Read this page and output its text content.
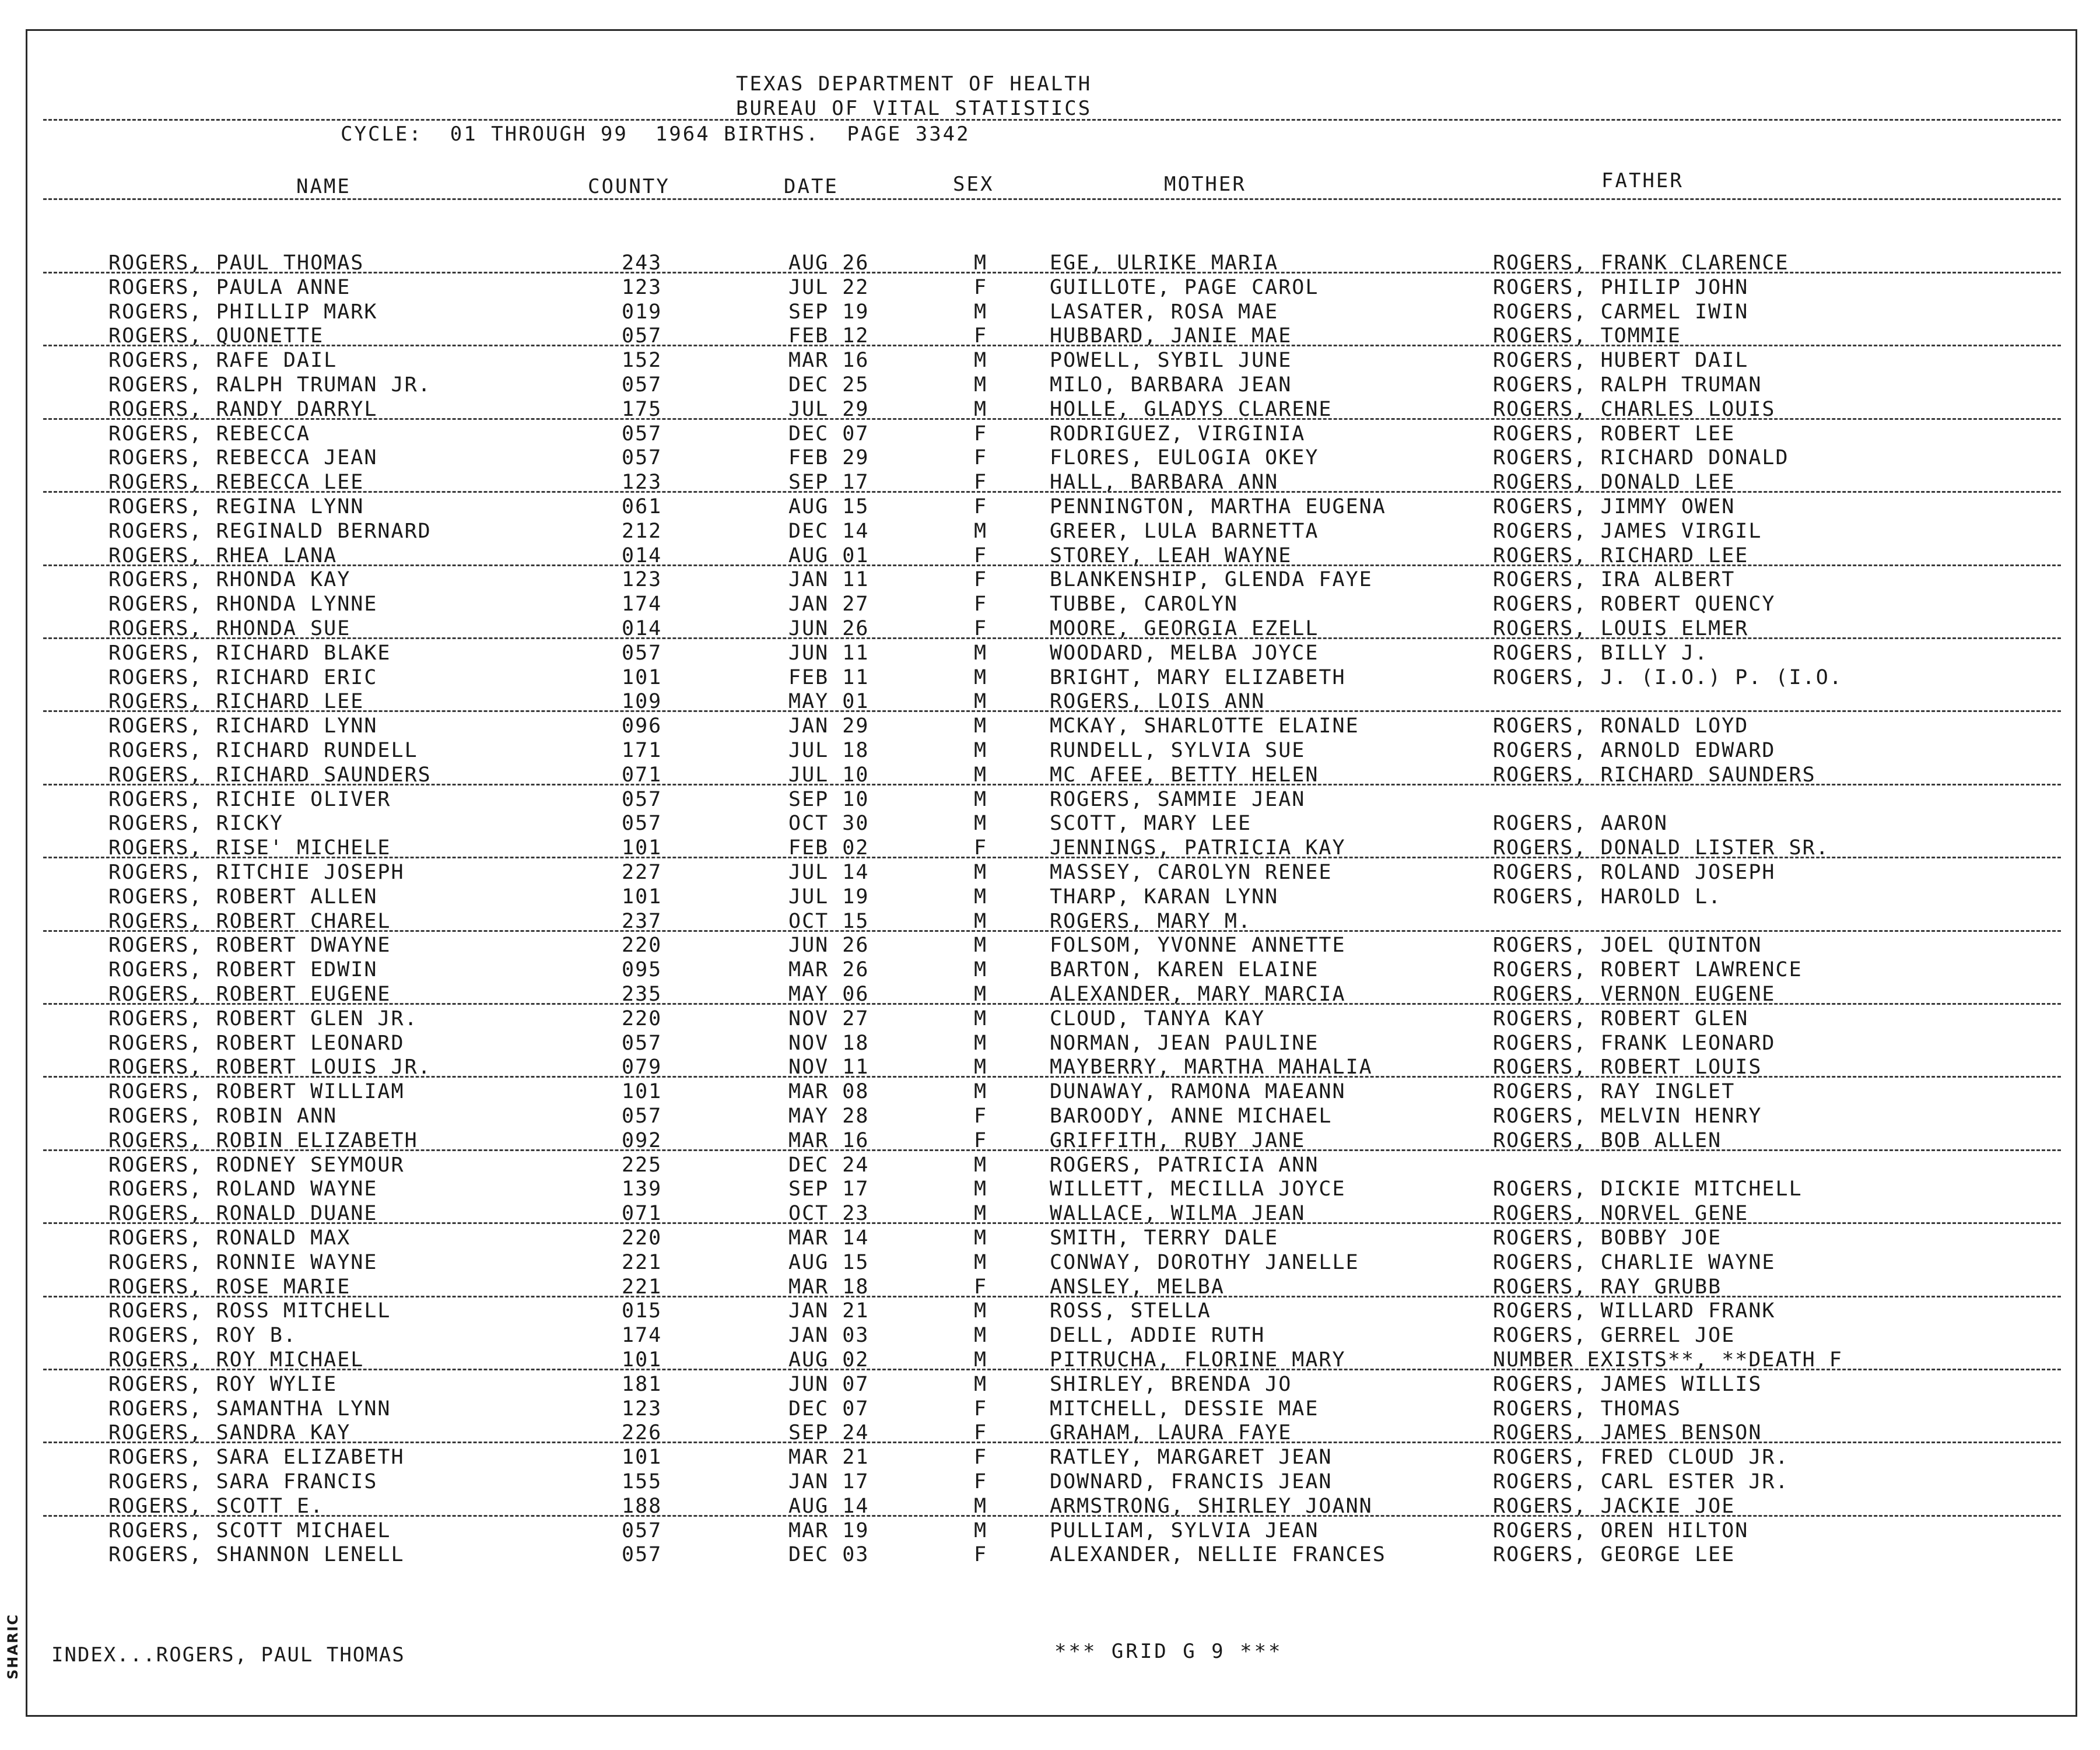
TEXAS DEPARTMENT OF HEALTH
BUREAU OF VITAL STATISTICS
CYCLE:  01 THROUGH 99  1964 BIRTHS.  PAGE 3342
NAME	COUNTY	DATE	SEX	MOTHER	FATHER
ROGERS, PAUL THOMAS	243	AUG 26	M	EGE, ULRIKE MARIA	ROGERS, FRANK CLARENCE
ROGERS, PAULA ANNE	123	JUL 22	F	GUILLOTE, PAGE CAROL	ROGERS, PHILIP JOHN
ROGERS, PHILLIP MARK	019	SEP 19	M	LASATER, ROSA MAE	ROGERS, CARMEL IWIN
ROGERS, QUONETTE	057	FEB 12	F	HUBBARD, JANIE MAE	ROGERS, TOMMIE
ROGERS, RAFE DAIL	152	MAR 16	M	POWELL, SYBIL JUNE	ROGERS, HUBERT DAIL
ROGERS, RALPH TRUMAN JR.	057	DEC 25	M	MILO, BARBARA JEAN	ROGERS, RALPH TRUMAN
ROGERS, RANDY DARRYL	175	JUL 29	M	HOLLE, GLADYS CLARENE	ROGERS, CHARLES LOUIS
ROGERS, REBECCA	057	DEC 07	F	RODRIGUEZ, VIRGINIA	ROGERS, ROBERT LEE
ROGERS, REBECCA JEAN	057	FEB 29	F	FLORES, EULOGIA OKEY	ROGERS, RICHARD DONALD
ROGERS, REBECCA LEE	123	SEP 17	F	HALL, BARBARA ANN	ROGERS, DONALD LEE
ROGERS, REGINA LYNN	061	AUG 15	F	PENNINGTON, MARTHA EUGENA	ROGERS, JIMMY OWEN
ROGERS, REGINALD BERNARD	212	DEC 14	M	GREER, LULA BARNETTA	ROGERS, JAMES VIRGIL
ROGERS, RHEA LANA	014	AUG 01	F	STOREY, LEAH WAYNE	ROGERS, RICHARD LEE
ROGERS, RHONDA KAY	123	JAN 11	F	BLANKENSHIP, GLENDA FAYE	ROGERS, IRA ALBERT
ROGERS, RHONDA LYNNE	174	JAN 27	F	TUBBE, CAROLYN	ROGERS, ROBERT QUENCY
ROGERS, RHONDA SUE	014	JUN 26	F	MOORE, GEORGIA EZELL	ROGERS, LOUIS ELMER
ROGERS, RICHARD BLAKE	057	JUN 11	M	WOODARD, MELBA JOYCE	ROGERS, BILLY J.
ROGERS, RICHARD ERIC	101	FEB 11	M	BRIGHT, MARY ELIZABETH	ROGERS, J. (I.O.) P. (I.O.
ROGERS, RICHARD LEE	109	MAY 01	M	ROGERS, LOIS ANN
ROGERS, RICHARD LYNN	096	JAN 29	M	MCKAY, SHARLOTTE ELAINE	ROGERS, RONALD LOYD
ROGERS, RICHARD RUNDELL	171	JUL 18	M	RUNDELL, SYLVIA SUE	ROGERS, ARNOLD EDWARD
ROGERS, RICHARD SAUNDERS	071	JUL 10	M	MC AFEE, BETTY HELEN	ROGERS, RICHARD SAUNDERS
ROGERS, RICHIE OLIVER	057	SEP 10	M	ROGERS, SAMMIE JEAN
ROGERS, RICKY	057	OCT 30	M	SCOTT, MARY LEE	ROGERS, AARON
ROGERS, RISE' MICHELE	101	FEB 02	F	JENNINGS, PATRICIA KAY	ROGERS, DONALD LISTER SR.
ROGERS, RITCHIE JOSEPH	227	JUL 14	M	MASSEY, CAROLYN RENEE	ROGERS, ROLAND JOSEPH
ROGERS, ROBERT ALLEN	101	JUL 19	M	THARP, KARAN LYNN	ROGERS, HAROLD L.
ROGERS, ROBERT CHAREL	237	OCT 15	M	ROGERS, MARY M.
ROGERS, ROBERT DWAYNE	220	JUN 26	M	FOLSOM, YVONNE ANNETTE	ROGERS, JOEL QUINTON
ROGERS, ROBERT EDWIN	095	MAR 26	M	BARTON, KAREN ELAINE	ROGERS, ROBERT LAWRENCE
ROGERS, ROBERT EUGENE	235	MAY 06	M	ALEXANDER, MARY MARCIA	ROGERS, VERNON EUGENE
ROGERS, ROBERT GLEN JR.	220	NOV 27	M	CLOUD, TANYA KAY	ROGERS, ROBERT GLEN
ROGERS, ROBERT LEONARD	057	NOV 18	M	NORMAN, JEAN PAULINE	ROGERS, FRANK LEONARD
ROGERS, ROBERT LOUIS JR.	079	NOV 11	M	MAYBERRY, MARTHA MAHALIA	ROGERS, ROBERT LOUIS
ROGERS, ROBERT WILLIAM	101	MAR 08	M	DUNAWAY, RAMONA MAEANN	ROGERS, RAY INGLET
ROGERS, ROBIN ANN	057	MAY 28	F	BAROODY, ANNE MICHAEL	ROGERS, MELVIN HENRY
ROGERS, ROBIN ELIZABETH	092	MAR 16	F	GRIFFITH, RUBY JANE	ROGERS, BOB ALLEN
ROGERS, RODNEY SEYMOUR	225	DEC 24	M	ROGERS, PATRICIA ANN
ROGERS, ROLAND WAYNE	139	SEP 17	M	WILLETT, MECILLA JOYCE	ROGERS, DICKIE MITCHELL
ROGERS, RONALD DUANE	071	OCT 23	M	WALLACE, WILMA JEAN	ROGERS, NORVEL GENE
ROGERS, RONALD MAX	220	MAR 14	M	SMITH, TERRY DALE	ROGERS, BOBBY JOE
ROGERS, RONNIE WAYNE	221	AUG 15	M	CONWAY, DOROTHY JANELLE	ROGERS, CHARLIE WAYNE
ROGERS, ROSE MARIE	221	MAR 18	F	ANSLEY, MELBA	ROGERS, RAY GRUBB
ROGERS, ROSS MITCHELL	015	JAN 21	M	ROSS, STELLA	ROGERS, WILLARD FRANK
ROGERS, ROY B.	174	JAN 03	M	DELL, ADDIE RUTH	ROGERS, GERREL JOE
ROGERS, ROY MICHAEL	101	AUG 02	M	PITRUCHA, FLORINE MARY	NUMBER EXISTS**, **DEATH F
ROGERS, ROY WYLIE	181	JUN 07	M	SHIRLEY, BRENDA JO	ROGERS, JAMES WILLIS
ROGERS, SAMANTHA LYNN	123	DEC 07	F	MITCHELL, DESSIE MAE	ROGERS, THOMAS
ROGERS, SANDRA KAY	226	SEP 24	F	GRAHAM, LAURA FAYE	ROGERS, JAMES BENSON
ROGERS, SARA ELIZABETH	101	MAR 21	F	RATLEY, MARGARET JEAN	ROGERS, FRED CLOUD JR.
ROGERS, SARA FRANCIS	155	JAN 17	F	DOWNARD, FRANCIS JEAN	ROGERS, CARL ESTER JR.
ROGERS, SCOTT E.	188	AUG 14	M	ARMSTRONG, SHIRLEY JOANN	ROGERS, JACKIE JOE
ROGERS, SCOTT MICHAEL	057	MAR 19	M	PULLIAM, SYLVIA JEAN	ROGERS, OREN HILTON
ROGERS, SHANNON LENELL	057	DEC 03	F	ALEXANDER, NELLIE FRANCES	ROGERS, GEORGE LEE
INDEX...ROGERS, PAUL THOMAS	*** GRID G 9 ***
SHARIC
